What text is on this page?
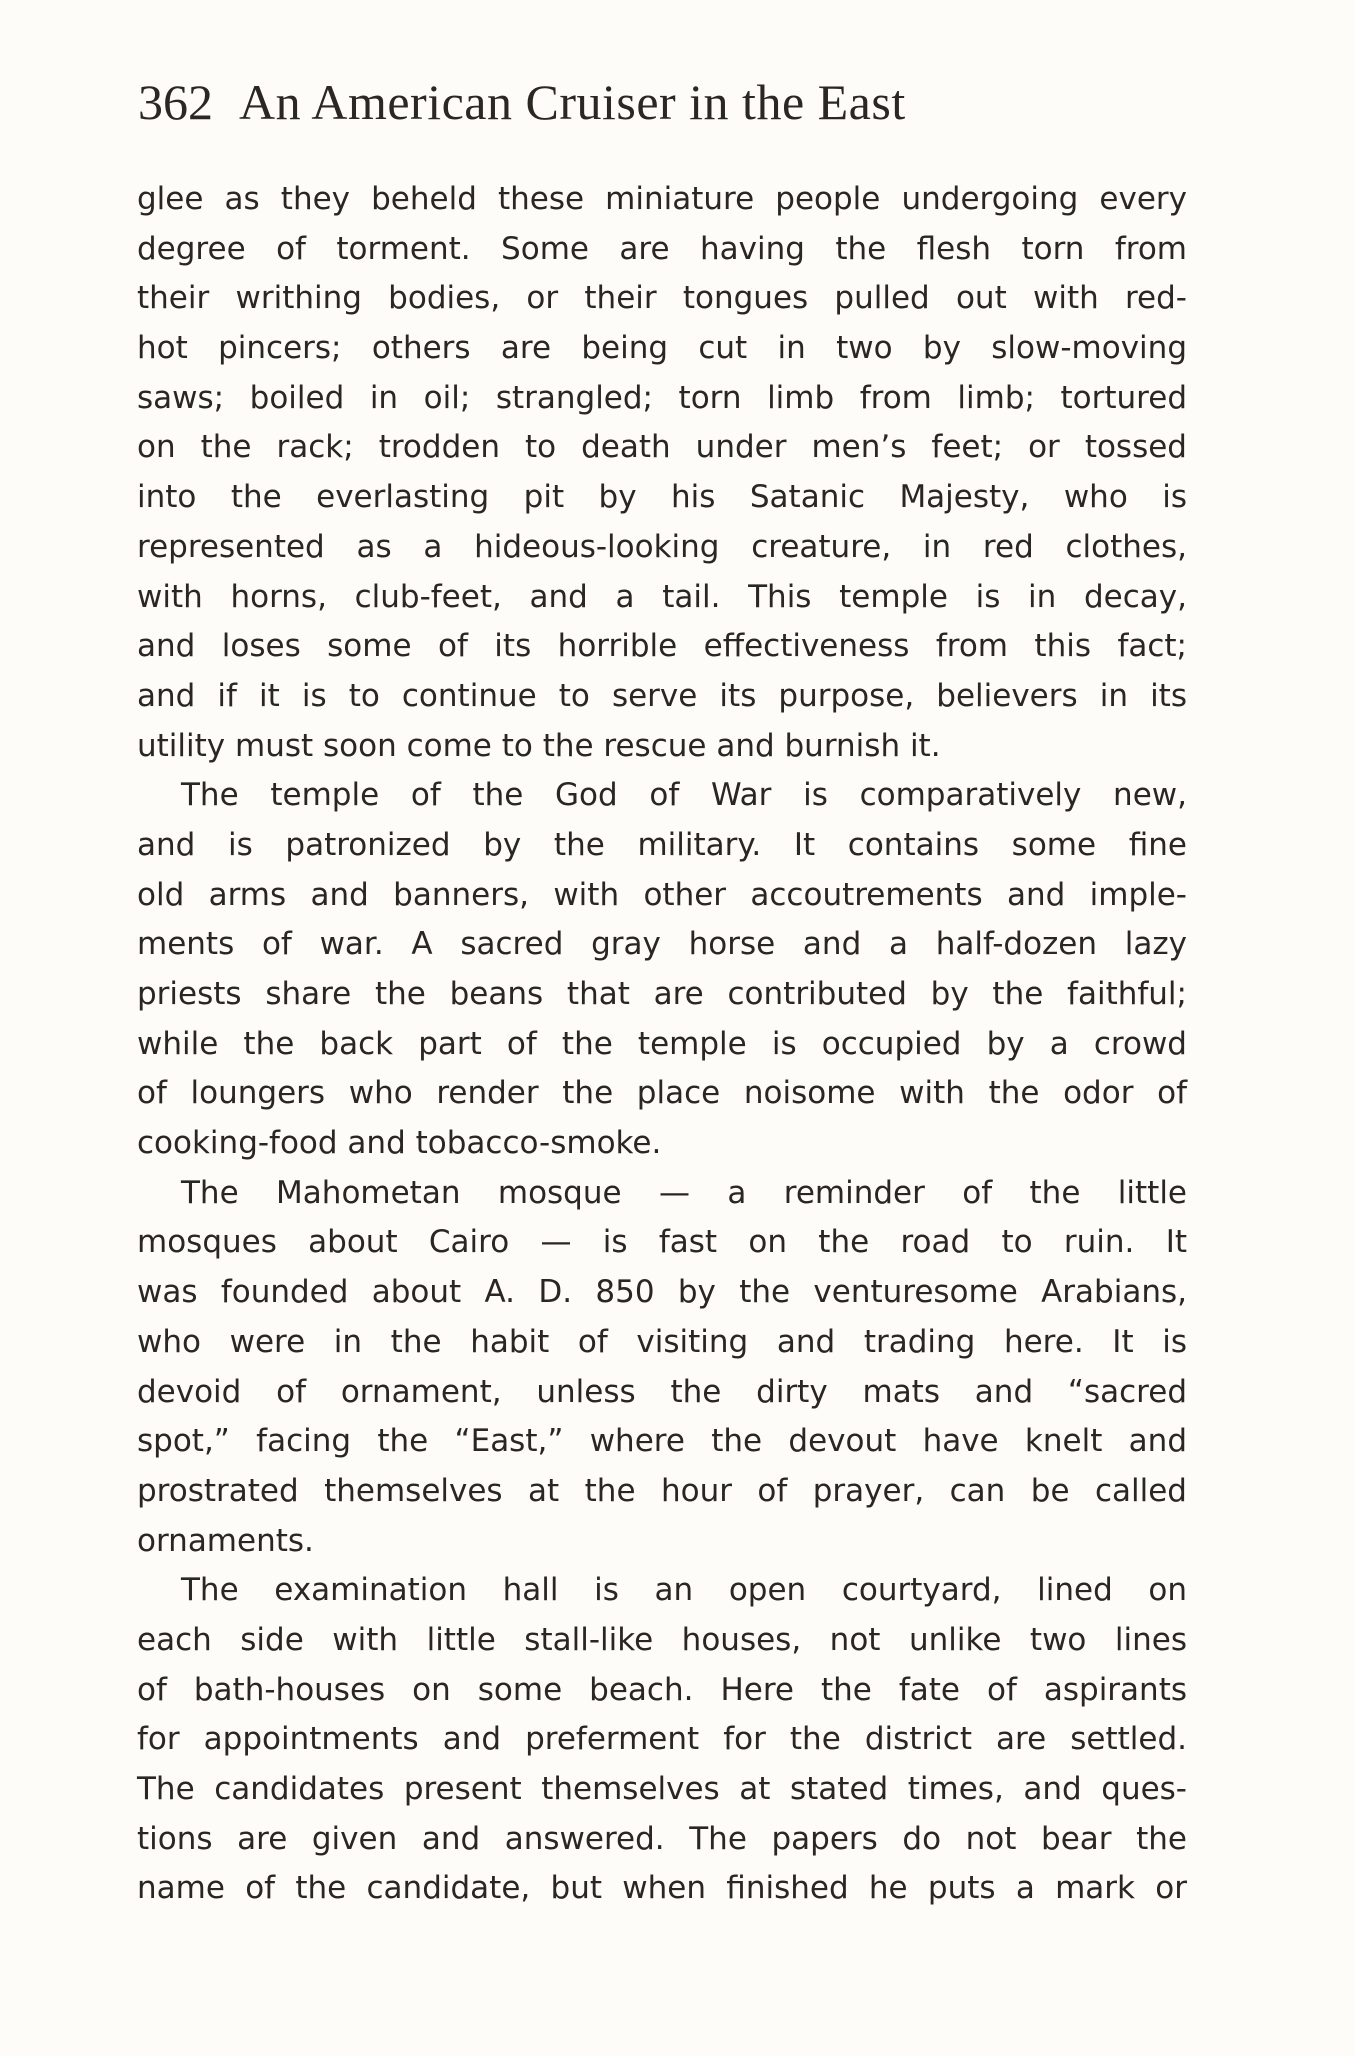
362 An American Cruiser in the East
glee as they beheld these miniature people undergoing every
degree of torment. Some are having the flesh torn from
their writhing bodies, or their tongues pulled out with red-
hot pincers; others are being cut in two by slow-moving
saws; boiled in oil; strangled; torn limb from limb; tortured
on the rack; trodden to death under men’s feet; or tossed
into the everlasting pit by his Satanic Majesty, who is
represented as a hideous-looking creature, in red clothes,
with horns, club-feet, and a tail. This temple is in decay,
and loses some of its horrible effectiveness from this fact;
and if it is to continue to serve its purpose, believers in its
utility must soon come to the rescue and burnish it.
The temple of the God of War is comparatively new,
and is patronized by the military. It contains some fine
old arms and banners, with other accoutrements and imple-
ments of war. A sacred gray horse and a half-dozen lazy
priests share the beans that are contributed by the faithful;
while the back part of the temple is occupied by a crowd
of loungers who render the place noisome with the odor of
cooking-food and tobacco-smoke.
The Mahometan mosque — a reminder of the little
mosques about Cairo — is fast on the road to ruin. It
was founded about A. D. 850 by the venturesome Arabians,
who were in the habit of visiting and trading here. It is
devoid of ornament, unless the dirty mats and “sacred
spot,” facing the “East,” where the devout have knelt and
prostrated themselves at the hour of prayer, can be called
ornaments.
The examination hall is an open courtyard, lined on
each side with little stall-like houses, not unlike two lines
of bath-houses on some beach. Here the fate of aspirants
for appointments and preferment for the district are settled.
The candidates present themselves at stated times, and ques-
tions are given and answered. The papers do not bear the
name of the candidate, but when finished he puts a mark or
